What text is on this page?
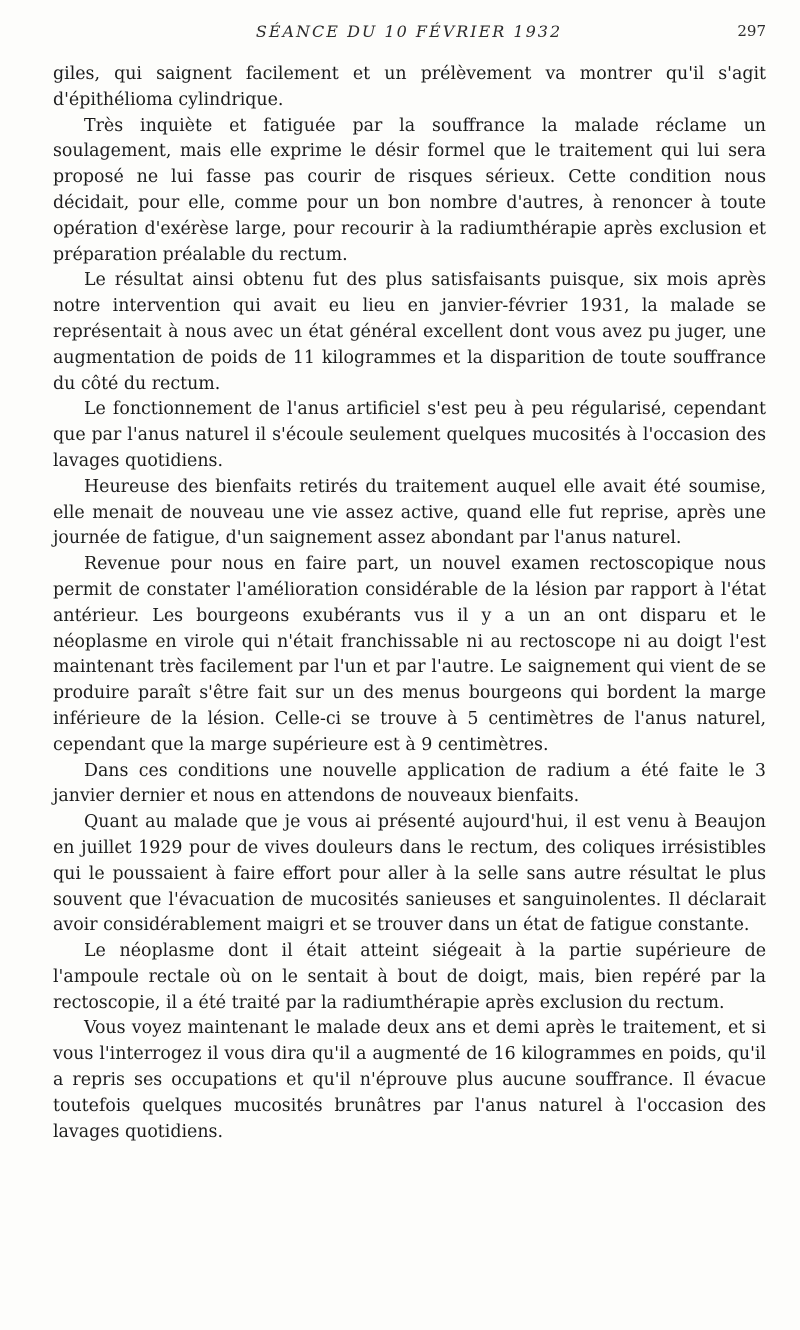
SÉANCE DU 10 FÉVRIER 1932	297

giles, qui saignent facilement et un prélèvement va montrer qu'il s'agit d'épithélioma cylindrique.

Très inquiète et fatiguée par la souffrance la malade réclame un soulagement, mais elle exprime le désir formel que le traitement qui lui sera proposé ne lui fasse pas courir de risques sérieux. Cette condition nous décidait, pour elle, comme pour un bon nombre d'autres, à renoncer à toute opération d'exérèse large, pour recourir à la radiumthérapie après exclusion et préparation préalable du rectum.

Le résultat ainsi obtenu fut des plus satisfaisants puisque, six mois après notre intervention qui avait eu lieu en janvier-février 1931, la malade se représentait à nous avec un état général excellent dont vous avez pu juger, une augmentation de poids de 11 kilogrammes et la disparition de toute souffrance du côté du rectum.

Le fonctionnement de l'anus artificiel s'est peu à peu régularisé, cependant que par l'anus naturel il s'écoule seulement quelques mucosités à l'occasion des lavages quotidiens.

Heureuse des bienfaits retirés du traitement auquel elle avait été soumise, elle menait de nouveau une vie assez active, quand elle fut reprise, après une journée de fatigue, d'un saignement assez abondant par l'anus naturel.

Revenue pour nous en faire part, un nouvel examen rectoscopique nous permit de constater l'amélioration considérable de la lésion par rapport à l'état antérieur. Les bourgeons exubérants vus il y a un an ont disparu et le néoplasme en virole qui n'était franchissable ni au rectoscope ni au doigt l'est maintenant très facilement par l'un et par l'autre. Le saignement qui vient de se produire paraît s'être fait sur un des menus bourgeons qui bordent la marge inférieure de la lésion. Celle-ci se trouve à 5 centimètres de l'anus naturel, cependant que la marge supérieure est à 9 centimètres.

Dans ces conditions une nouvelle application de radium a été faite le 3 janvier dernier et nous en attendons de nouveaux bienfaits.

Quant au malade que je vous ai présenté aujourd'hui, il est venu à Beaujon en juillet 1929 pour de vives douleurs dans le rectum, des coliques irrésistibles qui le poussaient à faire effort pour aller à la selle sans autre résultat le plus souvent que l'évacuation de mucosités sanieuses et sanguinolentes. Il déclarait avoir considérablement maigri et se trouver dans un état de fatigue constante.

Le néoplasme dont il était atteint siégeait à la partie supérieure de l'ampoule rectale où on le sentait à bout de doigt, mais, bien repéré par la rectoscopie, il a été traité par la radiumthérapie après exclusion du rectum.

Vous voyez maintenant le malade deux ans et demi après le traitement, et si vous l'interrogez il vous dira qu'il a augmenté de 16 kilogrammes en poids, qu'il a repris ses occupations et qu'il n'éprouve plus aucune souffrance. Il évacue toutefois quelques mucosités brunâtres par l'anus naturel à l'occasion des lavages quotidiens.
